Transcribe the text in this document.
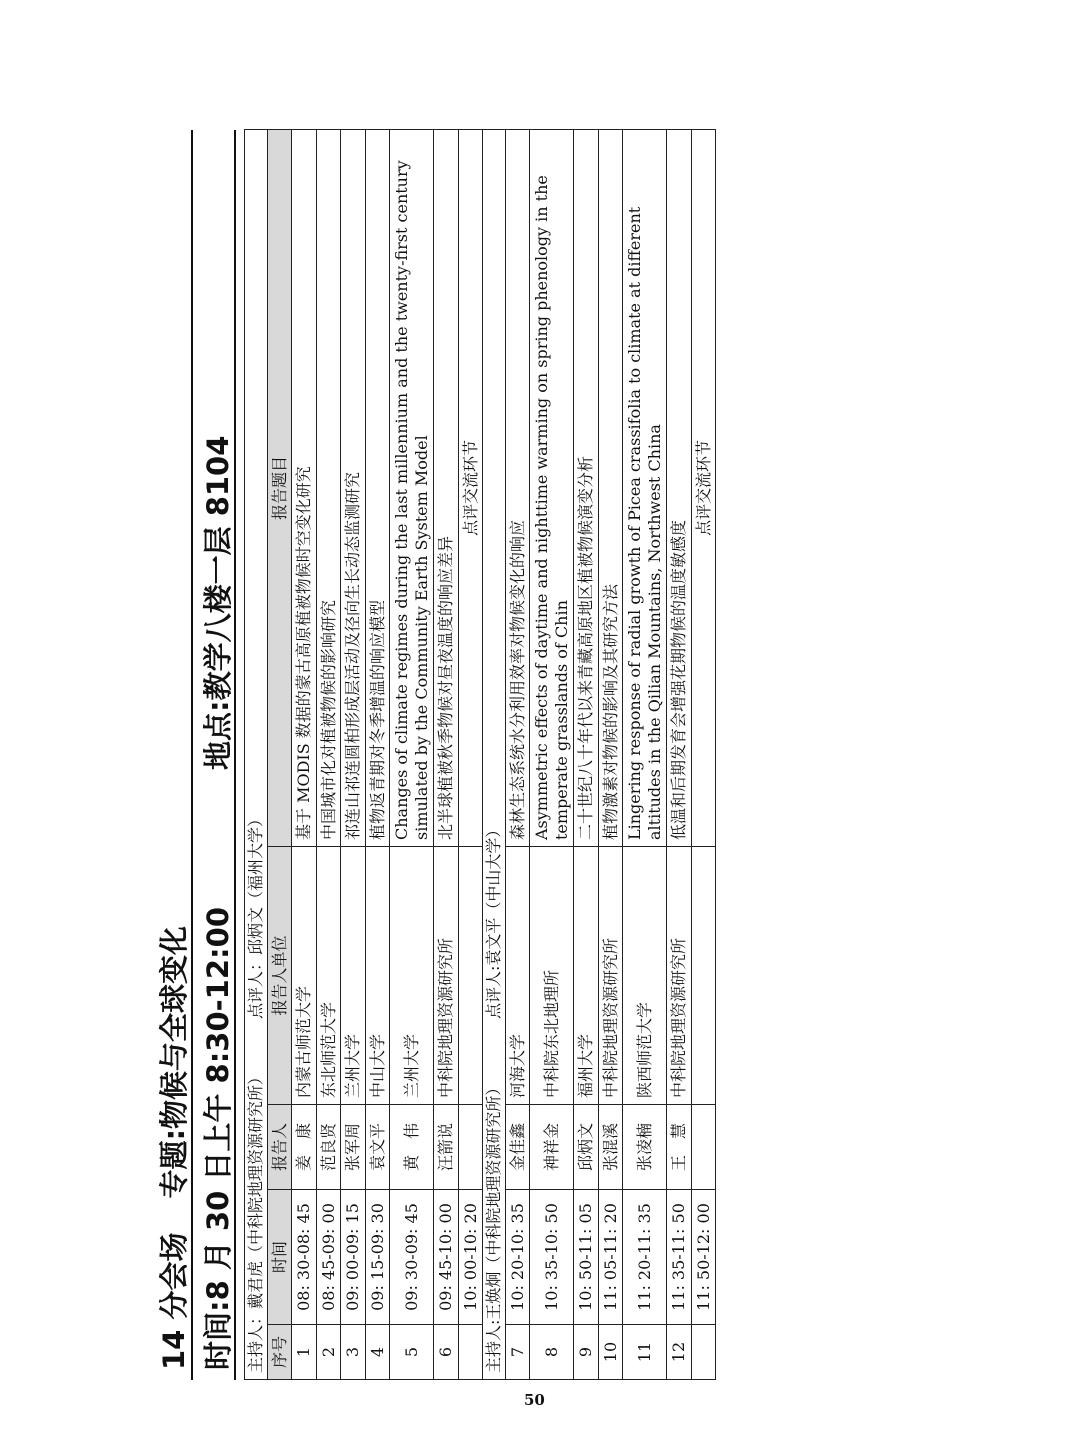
14 分会场专题:物候与全球变化 时间:8 月 30 日上午 8:30-12:00
地点:教学八楼一层 8104
主持人：戴君虎（中科院地理资源研究所）
点评人：邱炳文（福州大学）				

序号	时间	报告人	报告人单位	报告题目
1	08: 30-08: 45	姜　康	内蒙古师范大学	基于 MODIS 数据的蒙古高原植被物候时空变化研究
2	08: 45-09: 00	范良贤	东北师范大学	中国城市化对植被物候的影响研究
3	09: 00-09: 15	张军周	兰州大学	祁连山祁连圆柏形成层活动及径向生长动态监测研究
4	09: 15-09: 30	袁文平	中山大学	植物返青期对冬季增温的响应模型
5	09: 30-09: 45	黄　伟	兰州大学	Changes of climate regimes during the last millennium and the twenty-first century simulated by the Community Earth System Model
6	09: 45-10: 00	汪箭说	中科院地理资源研究所	北半球植被秋季物候对昼夜温度的响应差异
	10: 00-10: 20			点评交流环节
主持人:王焕炯（中科院地理资源研究所）
点评人:袁文平（中山大学）				

7	10: 20-10: 35	金佳鑫	河海大学	森林生态系统水分利用效率对物候变化的响应
8	10: 35-10: 50	神祥金	中科院东北地理所	Asymmetric effects of daytime and nighttime warming on spring phenology in the temperate grasslands of Chin
9	10: 50-11: 05	邱炳文	福州大学	二十世纪八十年代以来青藏高原地区植被物候演变分析
10	11: 05-11: 20	张混溪	中科院地理资源研究所	植物激素对物候的影响及其研究方法
11	11: 20-11: 35	张凌楠	陕西师范大学	Lingering response of radial growth of Picea crassifolia to climate at different altitudes in the Qilian Mountains, Northwest China
12	11: 35-11: 50	王　慧	中科院地理资源研究所	低温和后期发育会增强花期物候的温度敏感度
	11: 50-12: 00			点评交流环节
50
